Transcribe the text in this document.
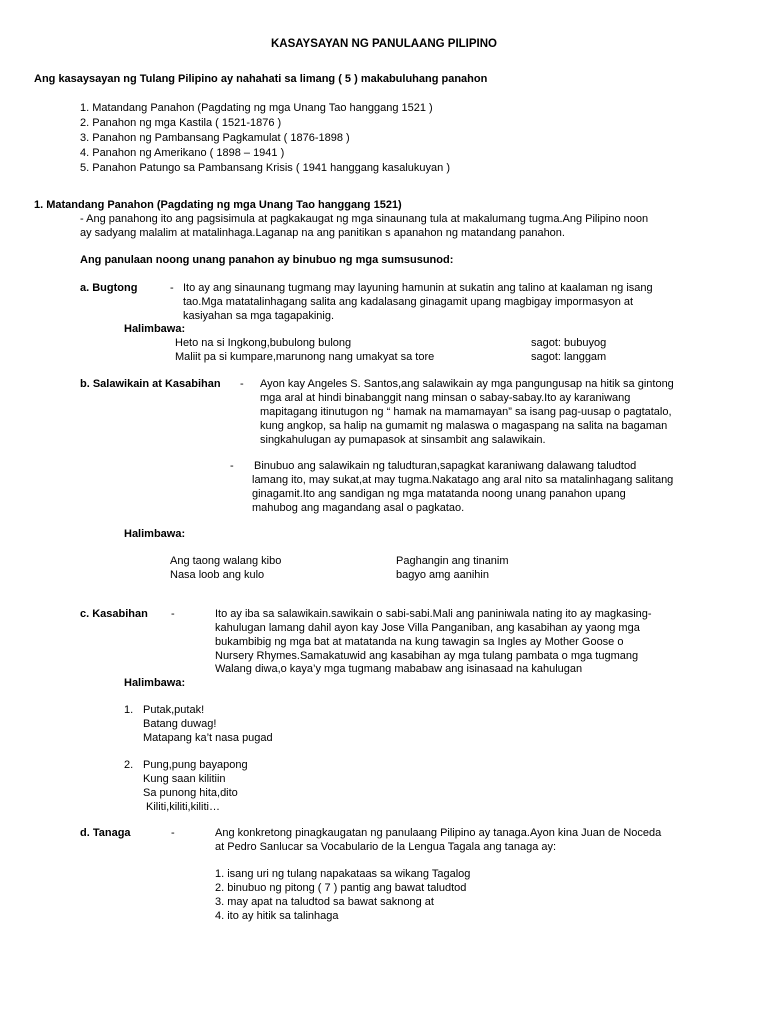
KASAYSAYAN NG PANULAANG PILIPINO
Ang kasaysayan ng Tulang Pilipino ay nahahati sa limang ( 5 ) makabuluhang panahon
1. Matandang Panahon (Pagdating ng mga Unang Tao hanggang 1521 )
2. Panahon ng mga Kastila ( 1521-1876 )
3. Panahon ng Pambansang Pagkamulat ( 1876-1898 )
4. Panahon ng Amerikano ( 1898 – 1941 )
5. Panahon Patungo sa Pambansang Krisis ( 1941 hanggang kasalukuyan )
1. Matandang Panahon (Pagdating ng mga Unang Tao hanggang 1521)
- Ang panahong ito ang pagsisimula at pagkakaugat ng mga sinaunang tula at makalumang tugma.Ang Pilipino noon
ay sadyang malalim at matalinhaga.Laganap na ang panitikan s apanahon ng matandang panahon.
Ang panulaan noong unang panahon ay binubuo ng mga sumsusunod:
a. Bugtong	- Ito ay ang sinaunang tugmang may layuning hamunin at sukatin ang talino at kaalaman ng isang
tao.Mga matatalinhagang salita ang kadalasang ginagamit upang magbigay impormasyon at
kasiyahan sa mga tagapakinig.
Halimbawa:
Heto na si Ingkong,bubulong bulong	sagot: bubuyog
Maliit pa si kumpare,marunong nang umakyat sa tore	sagot: langgam
b. Salawikain at Kasabihan - Ayon kay Angeles S. Santos,ang salawikain ay mga pangungusap na hitik sa gintong
mga aral at hindi binabanggit nang minsan o sabay-sabay.Ito ay karaniwang
mapitagang itinutugon ng “ hamak na mamamayan” sa isang pag-uusap o pagtatalo,
kung angkop, sa halip na gumamit ng malaswa o magaspang na salita na bagaman
singkahulugan ay pumapasok at sinsambit ang salawikain.
- Binubuo ang salawikain ng taludturan,sapagkat karaniwang dalawang taludtod
lamang ito, may sukat,at may tugma.Nakatago ang aral nito sa matalinhagang salitang
ginagamit.Ito ang sandigan ng mga matatanda noong unang panahon upang
mahubog ang magandang asal o pagkatao.
Halimbawa:
Ang taong walang kibo	Paghangin ang tinanim
Nasa loob ang kulo	bagyo amg aanihin
c. Kasabihan -	Ito ay iba sa salawikain.sawikain o sabi-sabi.Mali ang paniniwala nating ito ay magkasing-
kahulugan lamang dahil ayon kay Jose Villa Panganiban, ang kasabihan ay yaong mga
bukambibig ng mga bat at matatanda na kung tawagin sa Ingles ay Mother Goose o
Nursery Rhymes.Samakatuwid ang kasabihan ay mga tulang pambata o mga tugmang
Walang diwa,o kaya’y mga tugmang mababaw ang isinasaad na kahulugan
Halimbawa:
1. Putak,putak!
Batang duwag!
Matapang ka’t nasa pugad
2. Pung,pung bayapong
Kung saan kilitiin
Sa punong hita,dito
Kiliti,kiliti,kiliti…
d. Tanaga	-	Ang konkretong pinagkaugatan ng panulaang Pilipino ay tanaga.Ayon kina Juan de Noceda
at Pedro Sanlucar sa Vocabulario de la Lengua Tagala ang tanaga ay:
1. isang uri ng tulang napakataas sa wikang Tagalog
2. binubuo ng pitong ( 7 ) pantig ang bawat taludtod
3. may apat na taludtod sa bawat saknong at
4. ito ay hitik sa talinhaga
